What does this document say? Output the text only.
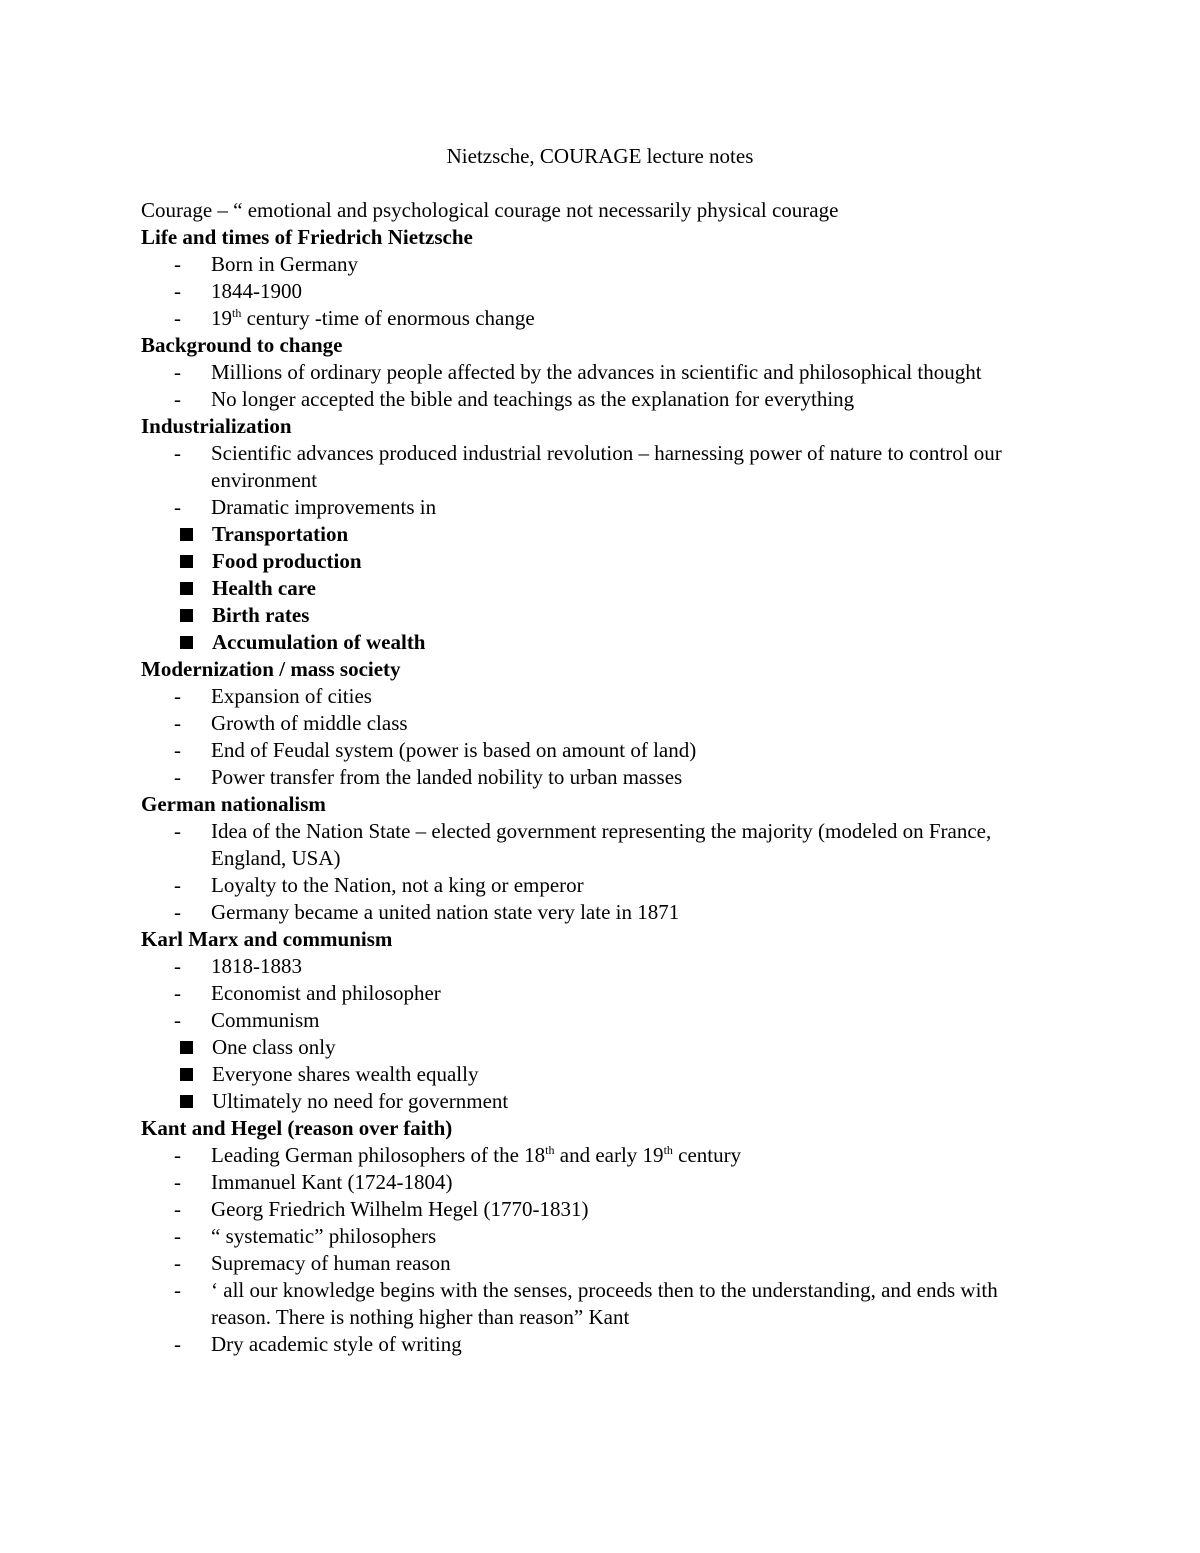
Nietzsche, COURAGE lecture notes

Courage – “ emotional and psychological courage not necessarily physical courage

Life and times of Friedrich Nietzsche

- Born in Germany
- 1844-1900
- 19th century -time of enormous change

Background to change

- Millions of ordinary people affected by the advances in scientific and philosophical thought
- No longer accepted the bible and teachings as the explanation for everything

Industrialization

- Scientific advances produced industrial revolution – harnessing power of nature to control our environment
- Dramatic improvements in
Transportation
Food production
Health care
Birth rates
Accumulation of wealth

Modernization / mass society

- Expansion of cities
- Growth of middle class
- End of Feudal system (power is based on amount of land)
- Power transfer from the landed nobility to urban masses

German nationalism

- Idea of the Nation State – elected government representing the majority (modeled on France, England, USA)
- Loyalty to the Nation, not a king or emperor
- Germany became a united nation state very late in 1871

Karl Marx and communism

- 1818-1883
- Economist and philosopher
- Communism
One class only
Everyone shares wealth equally
Ultimately no need for government

Kant and Hegel (reason over faith)

- Leading German philosophers of the 18th and early 19th century
- Immanuel Kant (1724-1804)
- Georg Friedrich Wilhelm Hegel (1770-1831)
- “ systematic” philosophers
- Supremacy of human reason
- ‘ all our knowledge begins with the senses, proceeds then to the understanding, and ends with reason. There is nothing higher than reason” Kant
- Dry academic style of writing
